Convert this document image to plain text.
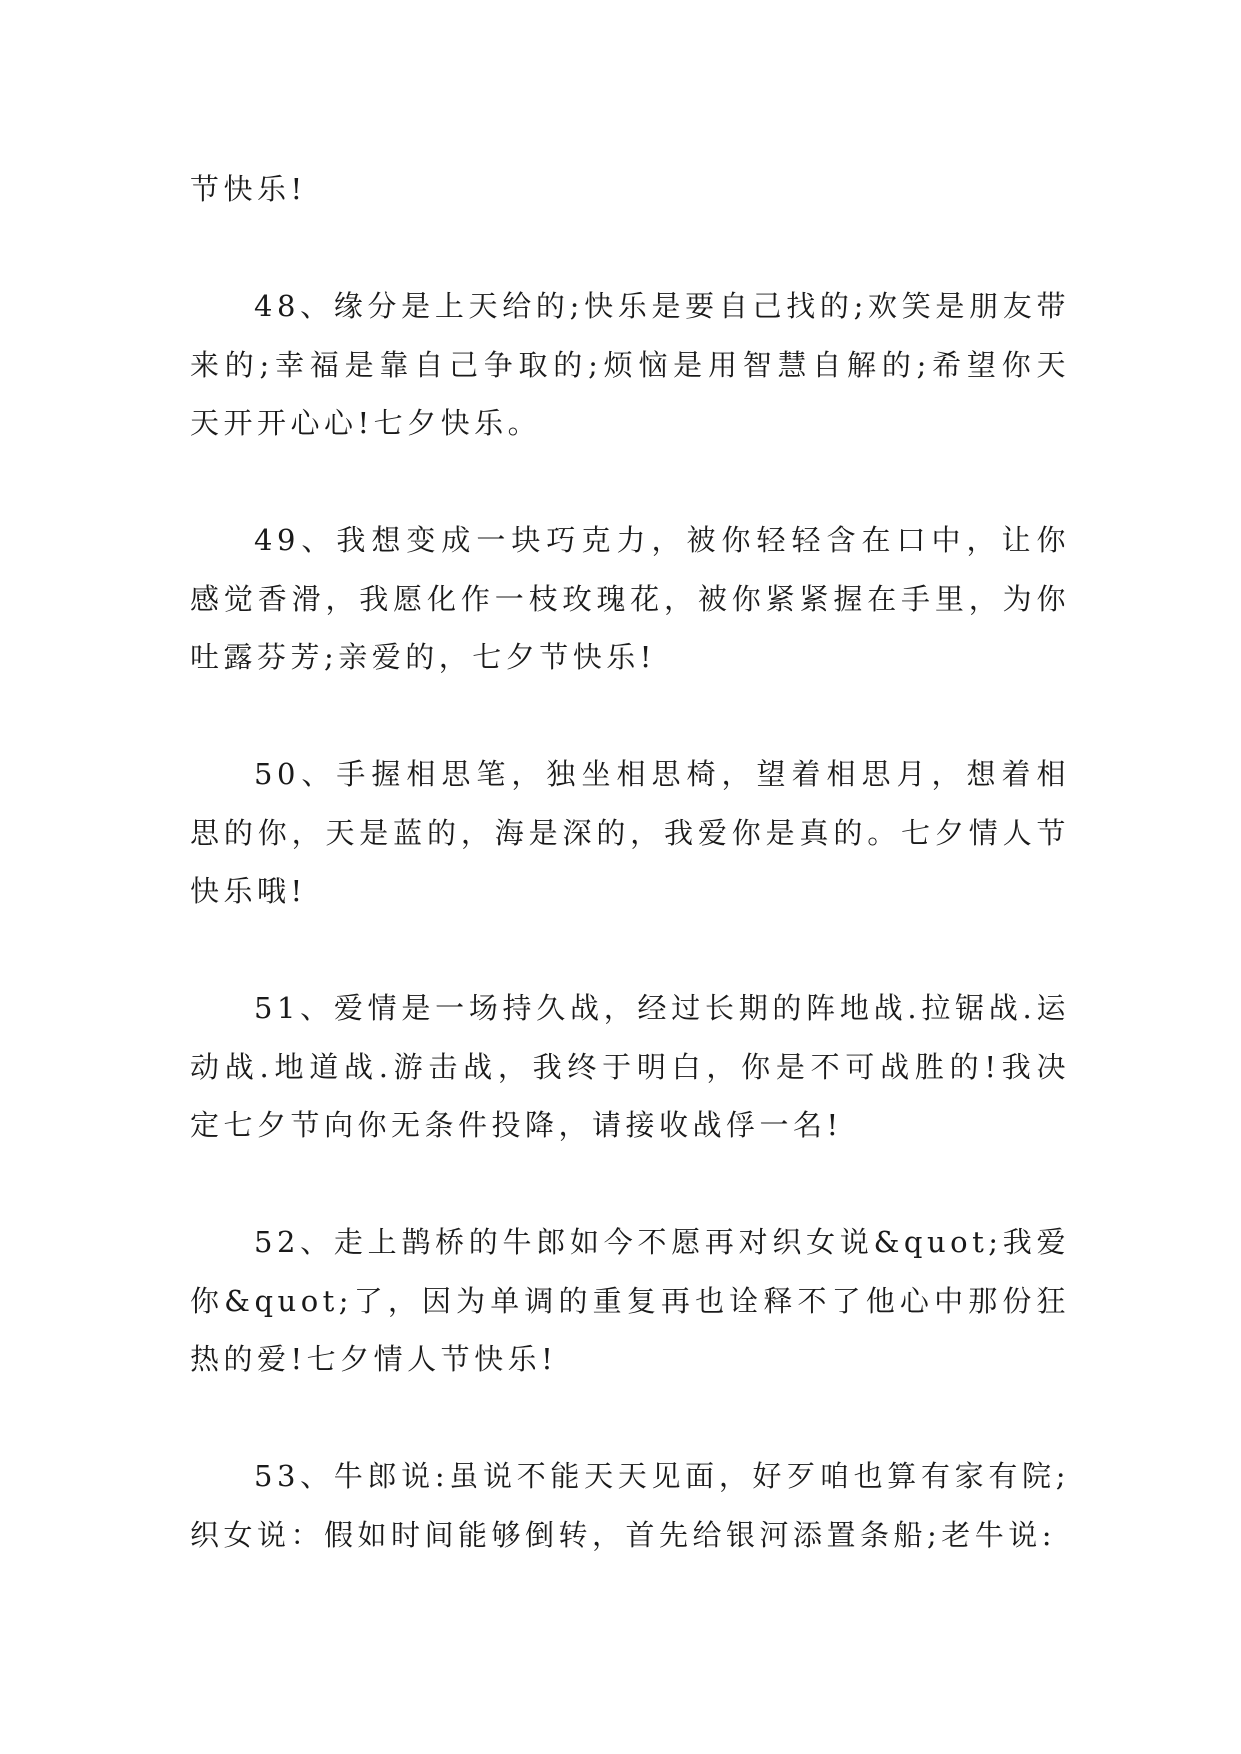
节快乐!

48、缘分是上天给的;快乐是要自己找的;欢笑是朋友带来的;幸福是靠自己争取的;烦恼是用智慧自解的;希望你天天开开心心!七夕快乐。

49、我想变成一块巧克力，被你轻轻含在口中，让你感觉香滑，我愿化作一枝玫瑰花，被你紧紧握在手里，为你吐露芬芳;亲爱的，七夕节快乐!

50、手握相思笔，独坐相思椅，望着相思月，想着相思的你，天是蓝的，海是深的，我爱你是真的。七夕情人节快乐哦!

51、爱情是一场持久战，经过长期的阵地战.拉锯战.运动战.地道战.游击战，我终于明白，你是不可战胜的!我决定七夕节向你无条件投降，请接收战俘一名!

52、走上鹊桥的牛郎如今不愿再对织女说&quot;我爱你&quot;了，因为单调的重复再也诠释不了他心中那份狂热的爱!七夕情人节快乐!

53、牛郎说:虽说不能天天见面，好歹咱也算有家有院;织女说：假如时间能够倒转，首先给银河添置条船;老牛说:
